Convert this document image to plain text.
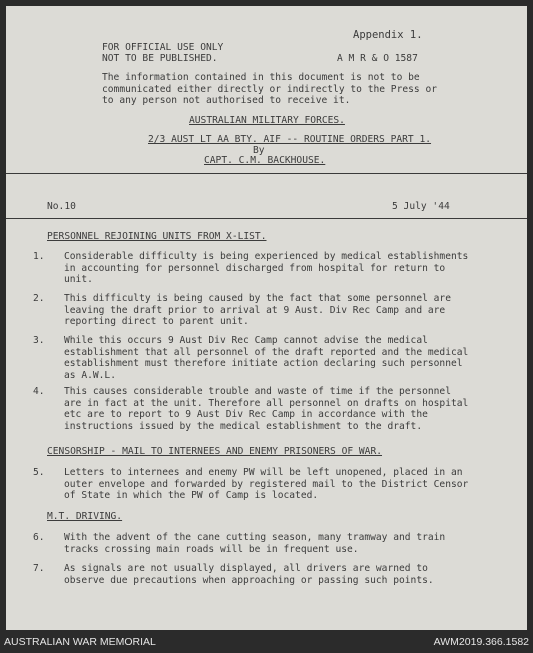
FOR OFFICIAL USE ONLY

NOT TO BE PUBLISHED.

Appendix 1.

A M R & O 1587

The information contained in this document is not to be communicated either directly or indirectly to the Press or to any person not authorised to receive it.

AUSTRALIAN MILITARY FORCES.

2/3 AUST LT AA BTY. AIF -- ROUTINE ORDERS PART 1.

By

CAPT. C.M. BACKHOUSE.

No.10	5 July '44

PERSONNEL REJOINING UNITS FROM X-LIST.

1.	Considerable difficulty is being experienced by medical establishments in accounting for personnel discharged from hospital for return to unit.

2.	This difficulty is being caused by the fact that some personnel are leaving the draft prior to arrival at 9 Aust. Div Rec Camp and are reporting direct to parent unit.

3.	While this occurs 9 Aust Div Rec Camp cannot advise the medical establishment that all personnel of the draft reported and the medical establishment must therefore initiate action declaring such personnel as A.W.L.

4.	This causes considerable trouble and waste of time if the personnel are in fact at the unit. Therefore all personnel on drafts on hospital etc are to report to 9 Aust Div Rec Camp in accordance with the instructions issued by the medical establishment to the draft.

CENSORSHIP - MAIL TO INTERNEES AND ENEMY PRISONERS OF WAR.

5.	Letters to internees and enemy PW will be left unopened, placed in an outer envelope and forwarded by registered mail to the District Censor of State in which the PW of Camp is located.

M.T. DRIVING.

6.	With the advent of the cane cutting season, many tramway and train tracks crossing main roads will be in frequent use.

7.	As signals are not usually displayed, all drivers are warned to observe due precautions when approaching or passing such points.

AUSTRALIAN WAR MEMORIAL	AWM2019.366.1582
